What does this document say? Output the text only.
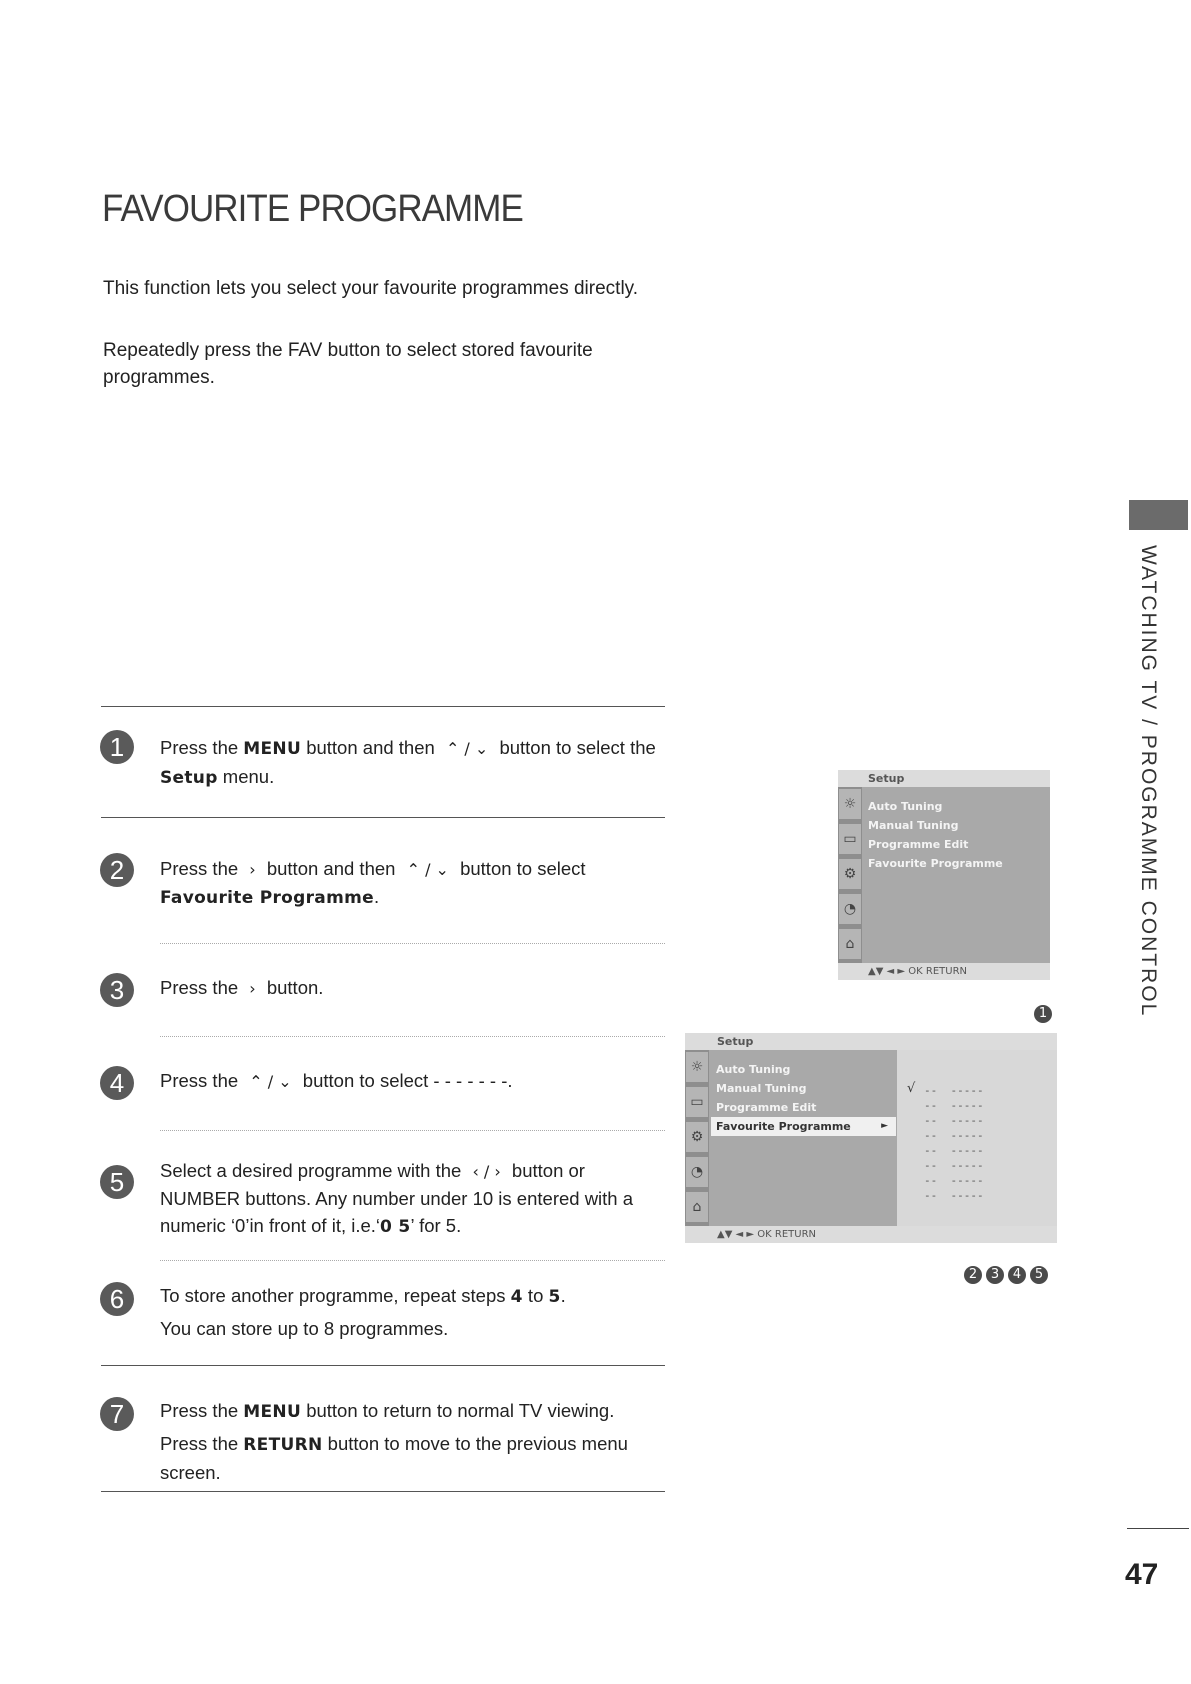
FAVOURITE PROGRAMME
This function lets you select your favourite programmes directly.
Repeatedly press the FAV button to select stored favourite programmes.
1	Press the MENU button and then ⌃ / ⌄ button to select the
Setup menu.
2	Press the › button and then ⌃ / ⌄ button to select
Favourite Programme.
3	Press the › button.
4	Press the ⌃ / ⌄ button to select - - - - - - -.
5	Select a desired programme with the ‹ / › button or NUMBER buttons. Any number under 10 is entered with a numeric ‘0’in front of it, i.e.‘0 5’ for 5.
6	To store another programme, repeat steps 4 to 5.
You can store up to 8 programmes.
7	Press the MENU button to return to normal TV viewing.
Press the RETURN button to move to the previous menu screen.
WATCHING TV / PROGRAMME CONTROL
47
Setup
☼
▭
⚙
◔
⌂
Auto Tuning
Manual Tuning
Programme Edit
Favourite Programme
▲▼ ◄ ► OK RETURN
1
Setup
☼
▭
⚙
◔
⌂
Auto Tuning
Manual Tuning
Programme Edit
Favourite Programme	►
√ --  -----
--  -----
--  -----
--  -----
--  -----
--  -----
--  -----
--  -----
▲▼ ◄ ► OK RETURN
2 3 4 5
